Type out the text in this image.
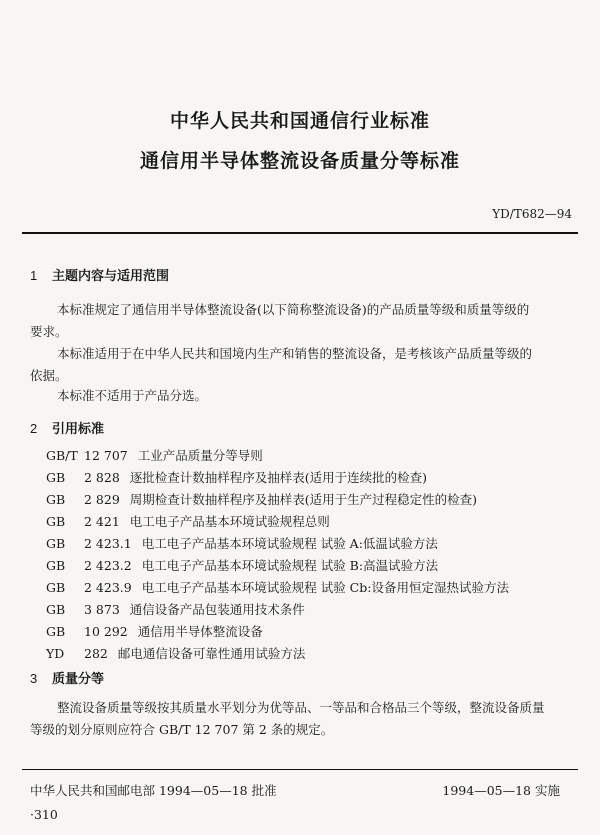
中华人民共和国通信行业标准
通信用半导体整流设备质量分等标准
YD/T682—94
1 主题内容与适用范围
本标准规定了通信用半导体整流设备(以下简称整流设备)的产品质量等级和质量等级的
要求。
本标准适用于在中华人民共和国境内生产和销售的整流设备，是考核该产品质量等级的
依据。
本标准不适用于产品分选。
2 引用标准
GB/T 12 707 工业产品质量分等导则
GB 2 828 逐批检查计数抽样程序及抽样表(适用于连续批的检查)
GB 2 829 周期检查计数抽样程序及抽样表(适用于生产过程稳定性的检查)
GB 2 421 电工电子产品基本环境试验规程总则
GB 2 423.1 电工电子产品基本环境试验规程 试验 A:低温试验方法
GB 2 423.2 电工电子产品基本环境试验规程 试验 B:高温试验方法
GB 2 423.9 电工电子产品基本环境试验规程 试验 Cb:设备用恒定湿热试验方法
GB 3 873 通信设备产品包装通用技术条件
GB 10 292 通信用半导体整流设备
YD 282 邮电通信设备可靠性通用试验方法
3 质量分等
整流设备质量等级按其质量水平划分为优等品、一等品和合格品三个等级，整流设备质量
等级的划分原则应符合 GB/T 12 707 第 2 条的规定。
中华人民共和国邮电部 1994—05—18 批准	1994—05—18 实施
·310
